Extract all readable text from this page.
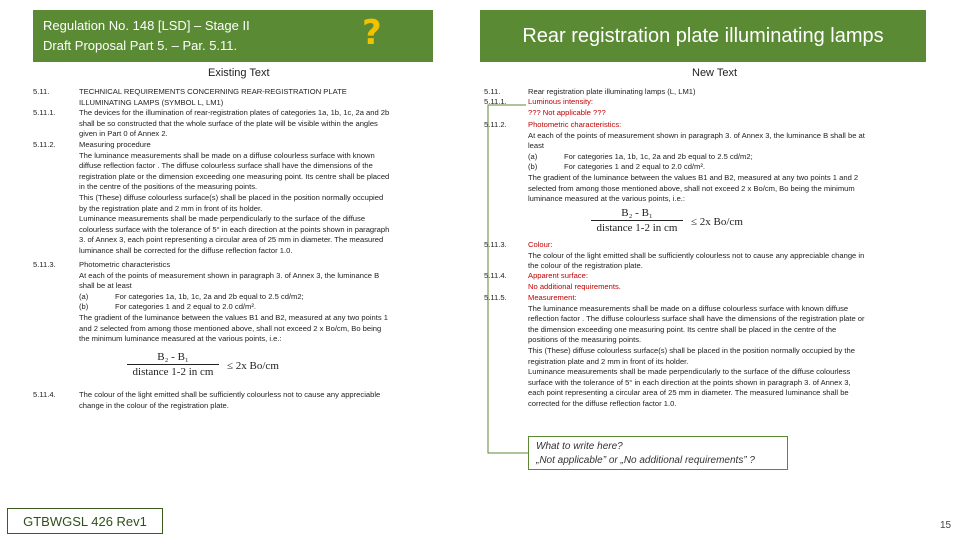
Regulation No. 148 [LSD] – Stage II
Draft Proposal Part 5. – Par. 5.11.	?	Rear registration plate illuminating lamps
Existing Text	New Text
5.11.	TECHNICAL REQUIREMENTS CONCERNING REAR-REGISTRATION PLATE
ILLUMINATING LAMPS (SYMBOL L, LM1)
5.11.1.	The devices for the illumination of rear-registration plates of categories 1a, 1b, 1c, 2a and 2b
shall be so constructed that the whole surface of the plate will be visible within the angles
given in Part 0 of Annex 2.
5.11.2.	Measuring procedure
The luminance measurements shall be made on a diffuse colourless surface with known
diffuse reflection factor . The diffuse colourless surface shall have the dimensions of the
registration plate or the dimension exceeding one measuring point. Its centre shall be placed
in the centre of the positions of the measuring points.
This (These) diffuse colourless surface(s) shall be placed in the position normally occupied
by the registration plate and 2 mm in front of its holder.
Luminance measurements shall be made perpendicularly to the surface of the diffuse
colourless surface with the tolerance of 5° in each direction at the points shown in paragraph
3. of Annex 3, each point representing a circular area of 25 mm in diameter. The measured
luminance shall be corrected for the diffuse reflection factor 1.0.
5.11.3.	Photometric characteristics
At each of the points of measurement shown in paragraph 3. of Annex 3, the luminance B
shall be at least
(a)	For categories 1a, 1b, 1c, 2a and 2b equal to 2.5 cd/m2;
(b)	For categories 1 and 2 equal to 2.0 cd/m².
The gradient of the luminance between the values B1 and B2, measured at any two points 1
and 2 selected from among those mentioned above, shall not exceed 2 x Bo/cm, Bo being
the minimum luminance measured at the various points, i.e.:
B₂ - B₁
distance 1-2 in cm	≤ 2x Bo/cm
5.11.4.	The colour of the light emitted shall be sufficiently colourless not to cause any appreciable
change in the colour of the registration plate.
5.11.	Rear registration plate illuminating lamps (L, LM1)
5.11.1.	Luminous intensity:
??? Not applicable ???
5.11.2.	Photometric characteristics:
At each of the points of measurement shown in paragraph 3. of Annex 3, the luminance B shall be at
least
(a)	For categories 1a, 1b, 1c, 2a and 2b equal to 2.5 cd/m2;
(b)	For categories 1 and 2 equal to 2.0 cd/m².
The gradient of the luminance between the values B1 and B2, measured at any two points 1 and 2
selected from among those mentioned above, shall not exceed 2 x Bo/cm, Bo being the minimum
luminance measured at the various points, i.e.:
B₂ - B₁
distance 1-2 in cm	≤ 2x Bo/cm
5.11.3.	Colour:
The colour of the light emitted shall be sufficiently colourless not to cause any appreciable change in
the colour of the registration plate.
5.11.4.	Apparent surface:
No additional requirements.
5.11.5.	Measurement:
The luminance measurements shall be made on a diffuse colourless surface with known diffuse
reflection factor . The diffuse colourless surface shall have the dimensions of the registration plate or
the dimension exceeding one measuring point. Its centre shall be placed in the centre of the
positions of the measuring points.
This (These) diffuse colourless surface(s) shall be placed in the position normally occupied by the
registration plate and 2 mm in front of its holder.
Luminance measurements shall be made perpendicularly to the surface of the diffuse colourless
surface with the tolerance of 5° in each direction at the points shown in paragraph 3. of Annex 3,
each point representing a circular area of 25 mm in diameter. The measured luminance shall be
corrected for the diffuse reflection factor 1.0.
What to write here?
„Not applicable” or „No additional requirements” ?
GTBWGSL 426 Rev1	15
